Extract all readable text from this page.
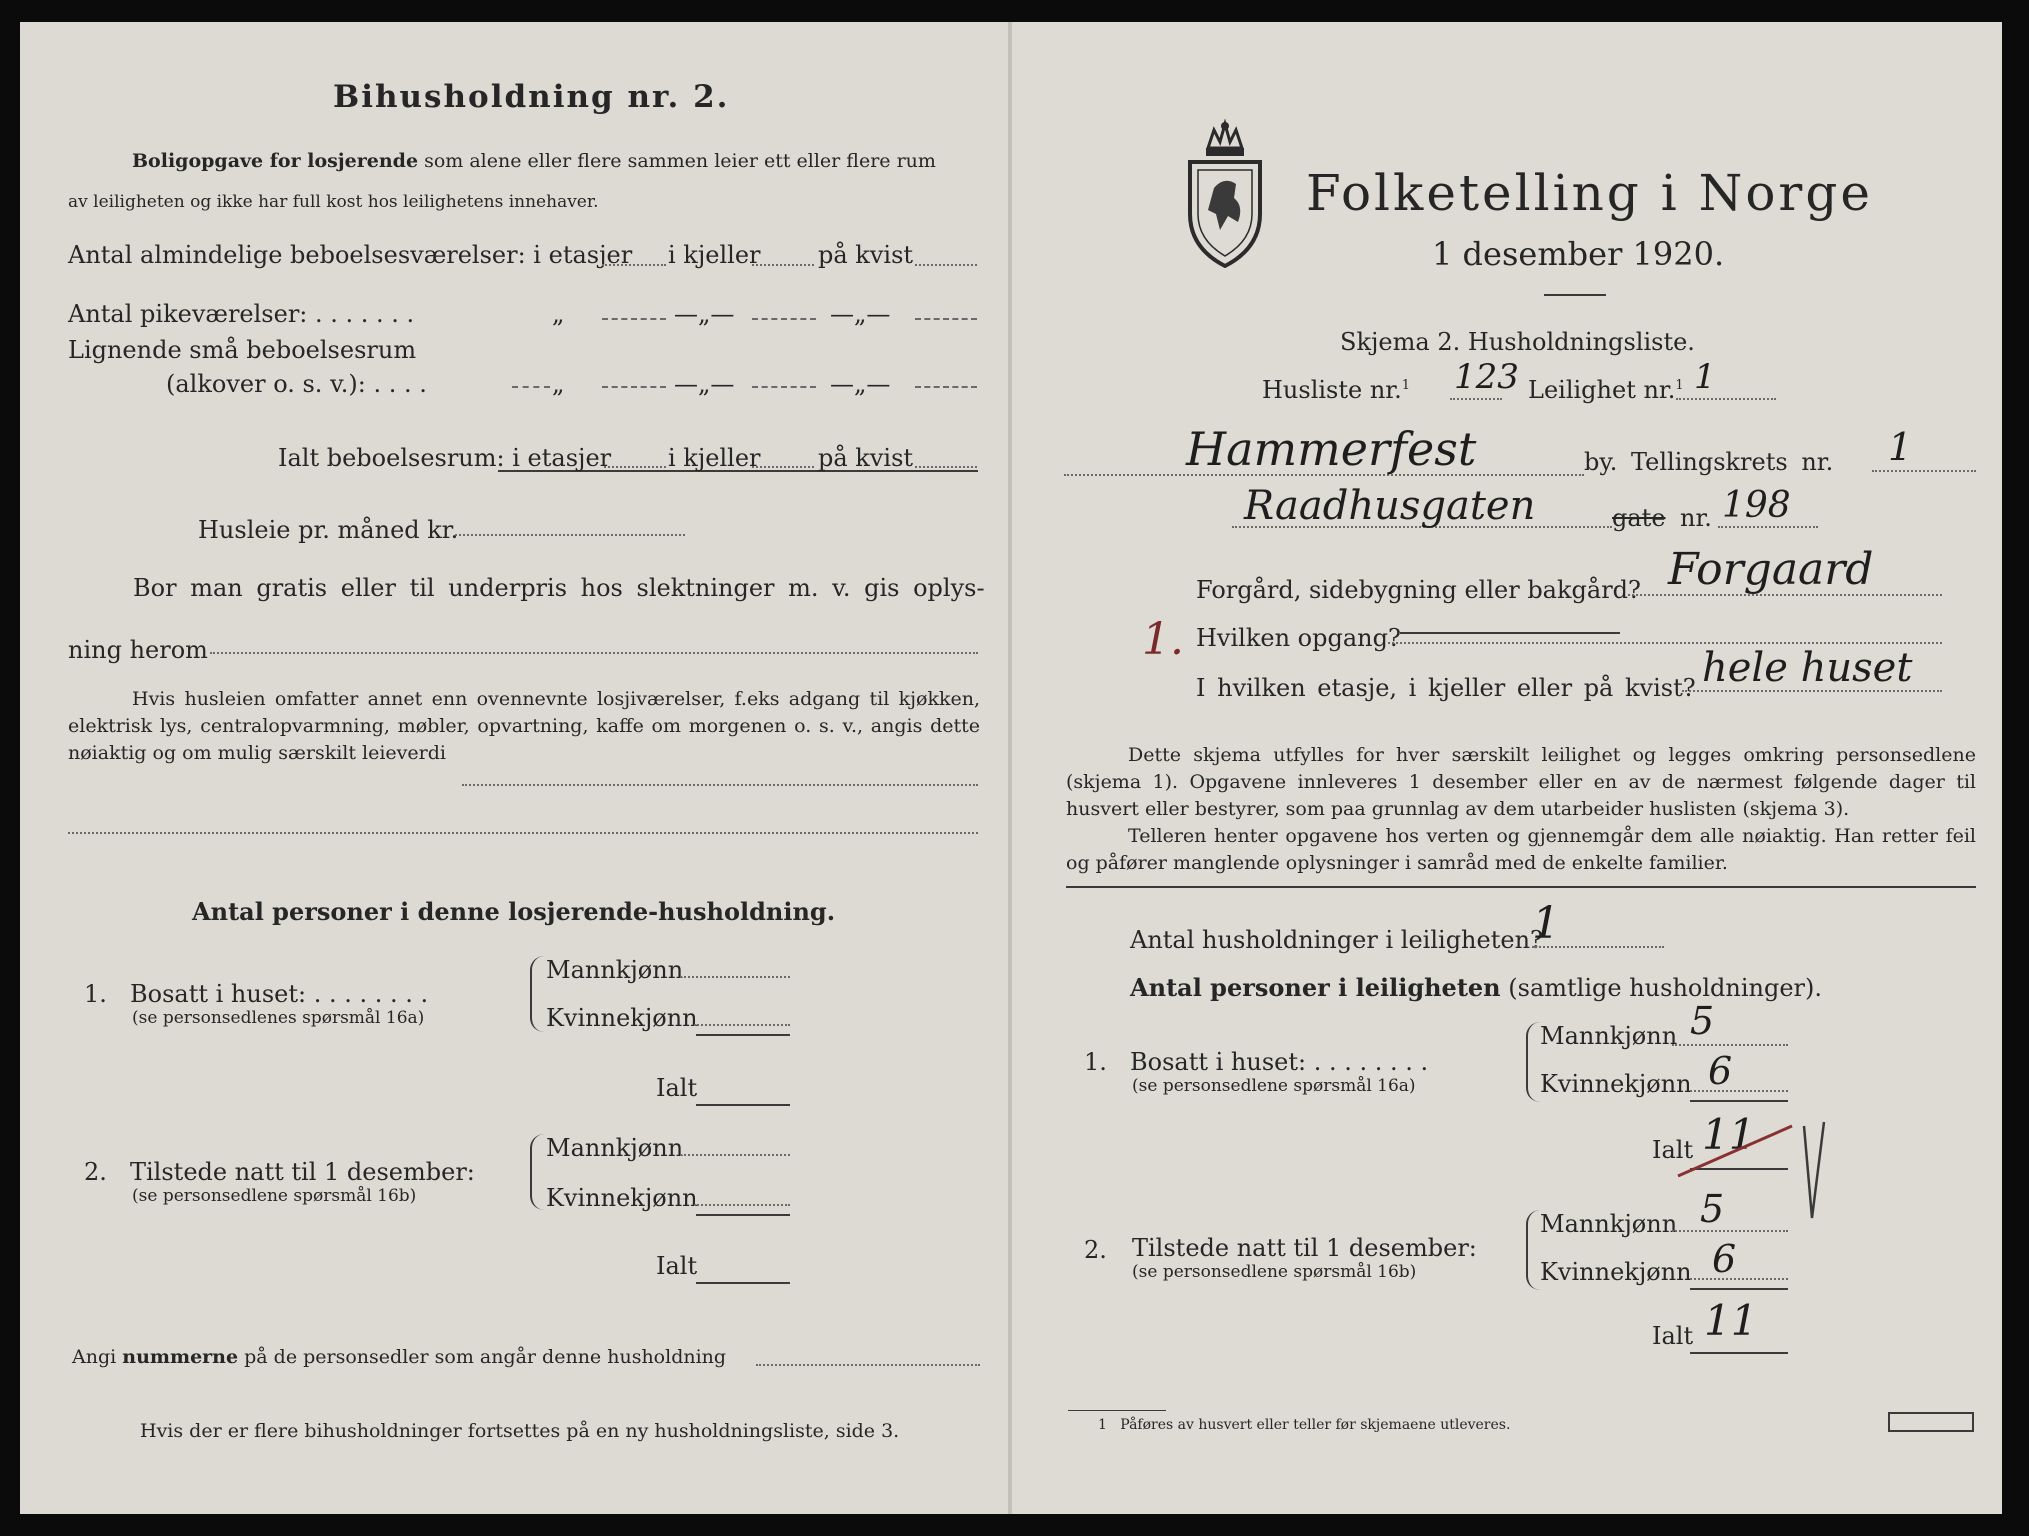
Bihusholdning nr. 2.
Boligopgave for losjerende som alene eller flere sammen leier ett eller flere rum
av leiligheten og ikke har full kost hos leilighetens innehaver.
Antal almindelige beboelsesværelser: i etasjer i kjeller på kvist
Antal pikeværelser: . . . . . . .	„	—„—	—„—
Lignende små beboelsesrum
(alkover o. s. v.): . . . .	„	—„—	—„—
Ialt beboelsesrum: i etasjer i kjeller på kvist
Husleie pr. måned kr.
Bor man gratis eller til underpris hos slektninger m. v. gis oplys-
ning herom
Hvis husleien omfatter annet enn ovennevnte losjiværelser, f.eks adgang til kjøkken, elektrisk lys, centralopvarmning, møbler, opvartning, kaffe om morgenen o. s. v., angis dette nøiaktig og om mulig særskilt leieverdi
Antal personer i denne losjerende-husholdning.
1. Bosatt i huset: . . . . . . . .
(se personsedlenes spørsmål 16a)
Mannkjønn
Kvinnekjønn
Ialt
2. Tilstede natt til 1 desember:
(se personsedlene spørsmål 16b)
Mannkjønn
Kvinnekjønn
Ialt
Angi nummerne på de personsedler som angår denne husholdning
Hvis der er flere bihusholdninger fortsettes på en ny husholdningsliste, side 3.
Folketelling i Norge
1 desember 1920.
Skjema 2. Husholdningsliste.
Husliste nr.$^1$ 123 Leilighet nr.$^1$ 1
Hammerfest	by. Tellingskrets nr. 1
Raadhusgaten	gate nr. 198
Forgård, sidebygning eller bakgård? Forgaard
1. Hvilken opgang?
I hvilken etasje, i kjeller eller på kvist? hele huset
Dette skjema utfylles for hver særskilt leilighet og legges omkring personsedlene (skjema 1). Opgavene innleveres 1 desember eller en av de nærmest følgende dager til husvert eller bestyrer, som paa grunnlag av dem utarbeider huslisten (skjema 3).
Telleren henter opgavene hos verten og gjennemgår dem alle nøiaktig. Han retter feil og påfører manglende oplysninger i samråd med de enkelte familier.
Antal husholdninger i leiligheten?
1
Antal personer i leiligheten (samtlige husholdninger).
1. Bosatt i huset: . . . . . . . .
(se personsedlene spørsmål 16a)
Mannkjønn 5
Kvinnekjønn 6
Ialt 11
2. Tilstede natt til 1 desember:
(se personsedlene spørsmål 16b)
Mannkjønn 5
Kvinnekjønn 6
Ialt 11
1 Påføres av husvert eller teller før skjemaene utleveres.
